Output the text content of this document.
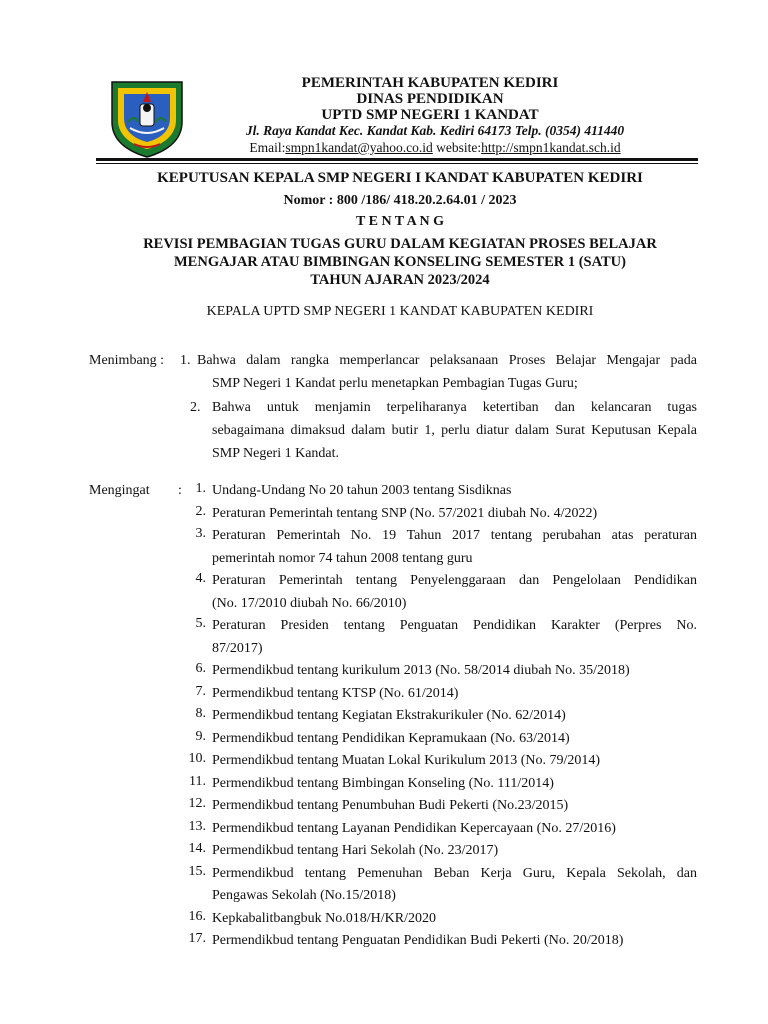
PEMERINTAH KABUPATEN KEDIRI
DINAS PENDIDIKAN
UPTD SMP NEGERI 1 KANDAT
Jl. Raya Kandat Kec. Kandat Kab. Kediri 64173 Telp. (0354) 411440
Email:smpn1kandat@yahoo.co.id website:http://smpn1kandat.sch.id
KEPUTUSAN KEPALA SMP NEGERI I KANDAT KABUPATEN KEDIRI
Nomor : 800 /186/ 418.20.2.64.01 / 2023
T E N T A N G
REVISI PEMBAGIAN TUGAS GURU DALAM KEGIATAN PROSES BELAJAR
MENGAJAR ATAU BIMBINGAN KONSELING SEMESTER 1 (SATU)
TAHUN AJARAN 2023/2024
KEPALA UPTD SMP NEGERI 1 KANDAT KABUPATEN KEDIRI
Menimbang : 1. Bahwa dalam rangka memperlancar pelaksanaan Proses Belajar Mengajar pada
SMP Negeri 1 Kandat perlu menetapkan Pembagian Tugas Guru;
2. Bahwa untuk menjamin terpeliharanya ketertiban dan kelancaran tugas
sebagaimana dimaksud dalam butir 1, perlu diatur dalam Surat Keputusan Kepala
SMP Negeri 1 Kandat.
Mengingat : 1. Undang-Undang No 20 tahun 2003 tentang Sisdiknas
2. Peraturan Pemerintah tentang SNP (No. 57/2021 diubah No. 4/2022)
3. Peraturan Pemerintah No. 19 Tahun 2017 tentang perubahan atas peraturan
pemerintah nomor 74 tahun 2008 tentang guru
4. Peraturan Pemerintah tentang Penyelenggaraan dan Pengelolaan Pendidikan
(No. 17/2010 diubah No. 66/2010)
5. Peraturan Presiden tentang Penguatan Pendidikan Karakter (Perpres No.
87/2017)
6. Permendikbud tentang kurikulum 2013 (No. 58/2014 diubah No. 35/2018)
7. Permendikbud tentang KTSP (No. 61/2014)
8. Permendikbud tentang Kegiatan Ekstrakurikuler (No. 62/2014)
9. Permendikbud tentang Pendidikan Kepramukaan (No. 63/2014)
10. Permendikbud tentang Muatan Lokal Kurikulum 2013 (No. 79/2014)
11. Permendikbud tentang Bimbingan Konseling (No. 111/2014)
12. Permendikbud tentang Penumbuhan Budi Pekerti (No.23/2015)
13. Permendikbud tentang Layanan Pendidikan Kepercayaan (No. 27/2016)
14. Permendikbud tentang Hari Sekolah (No. 23/2017)
15. Permendikbud tentang Pemenuhan Beban Kerja Guru, Kepala Sekolah, dan
Pengawas Sekolah (No.15/2018)
16. Kepkabalitbangbuk No.018/H/KR/2020
17. Permendikbud tentang Penguatan Pendidikan Budi Pekerti (No. 20/2018)
